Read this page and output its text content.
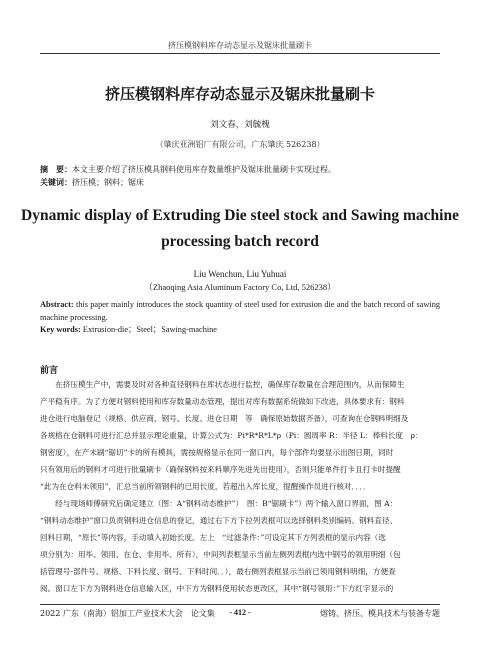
挤压模钢料库存动态显示及锯床批量刷卡
挤压模钢料库存动态显示及锯床批量刷卡
刘文春，刘毓槐
（肇庆亚洲铝厂有限公司，广东肇庆 526238）
摘　要：本文主要介绍了挤压模具钢料使用库存数量维护及锯床批量刷卡实现过程。
关键词：挤压模；钢料；锯床
Dynamic display of Extruding Die steel stock and Sawing machine
processing batch record
Liu Wenchun, Liu Yuhuai
（Zhaoqing Asia Aluminum Factory Co, Ltd, 526238）
Abstract: this paper mainly introduces the stock quantity of steel used for extrusion die and the batch record of sawing machine processing.
Key words: Extrusion-die；Steel；Sawing-machine
前言
　　在挤压模生产中，需要及时对各种直径钢料在库状态进行监控，确保库存数量在合理范围内，从而保障生
产平稳有序。为了方便对钢料使用和库存数量动态管理，提出对库有数据系统做如下改进，具体要求有：钢料
进仓进行电脑登记（规格、供应商、钢号、长度、进仓日期　等　确保原始数据齐备），可查询在仓钢料明细及
各规格在仓钢料可进行汇总并显示理论重量，计算公式为：Pi*R*R*L*ρ（Pi：圆周率 R：半径 L：棒料长度　ρ：
钢密度），在产未刷“锯切”卡的所有模具，需按规格显示在同一窗口内，每个部件均要显示出图日期，同时
只有领用后的钢料才可进行批量刷卡（确保钢料按来料顺序先进先出使用），否则只能单件打卡且打卡时提醒
“此为在仓料未领用”，汇总当前所领钢料的已用长度，若超出入库长度，提醒操作员进行核对．．．．
　　经与现场师傅研究后确定建立（图：A“钢料动态维护”）　图：B“锯刷卡”）两个输入窗口界面，图 A：
“钢料动态维护”窗口负责钢料进仓信息的登记，通过右下方下拉列表框可以选择钢料类别编码、钢料直径、
回料日期，“原长”等内容，手动填入初始长度。左上　“过滤条件：”可设定其下方列表框的显示内容（选
项分别为：用毕、领用、在仓、非用毕、所有），中间列表框显示当前左侧列表框内选中钢号的领用明细（包
括管理号-部件号、规格、下料长度、钢号、下料时间．．），最右侧列表框显示当前已领用钢料明细，方便查
阅。窗口左下方为钢料进仓信息输入区，中下方为钢料使用状态更改区，其中“钢号领用：”下方红字显示的
2022 广东（南海）铝加工产业技术大会　论文集	- 412 -	熔铸、挤压、模具技术与装备专题
